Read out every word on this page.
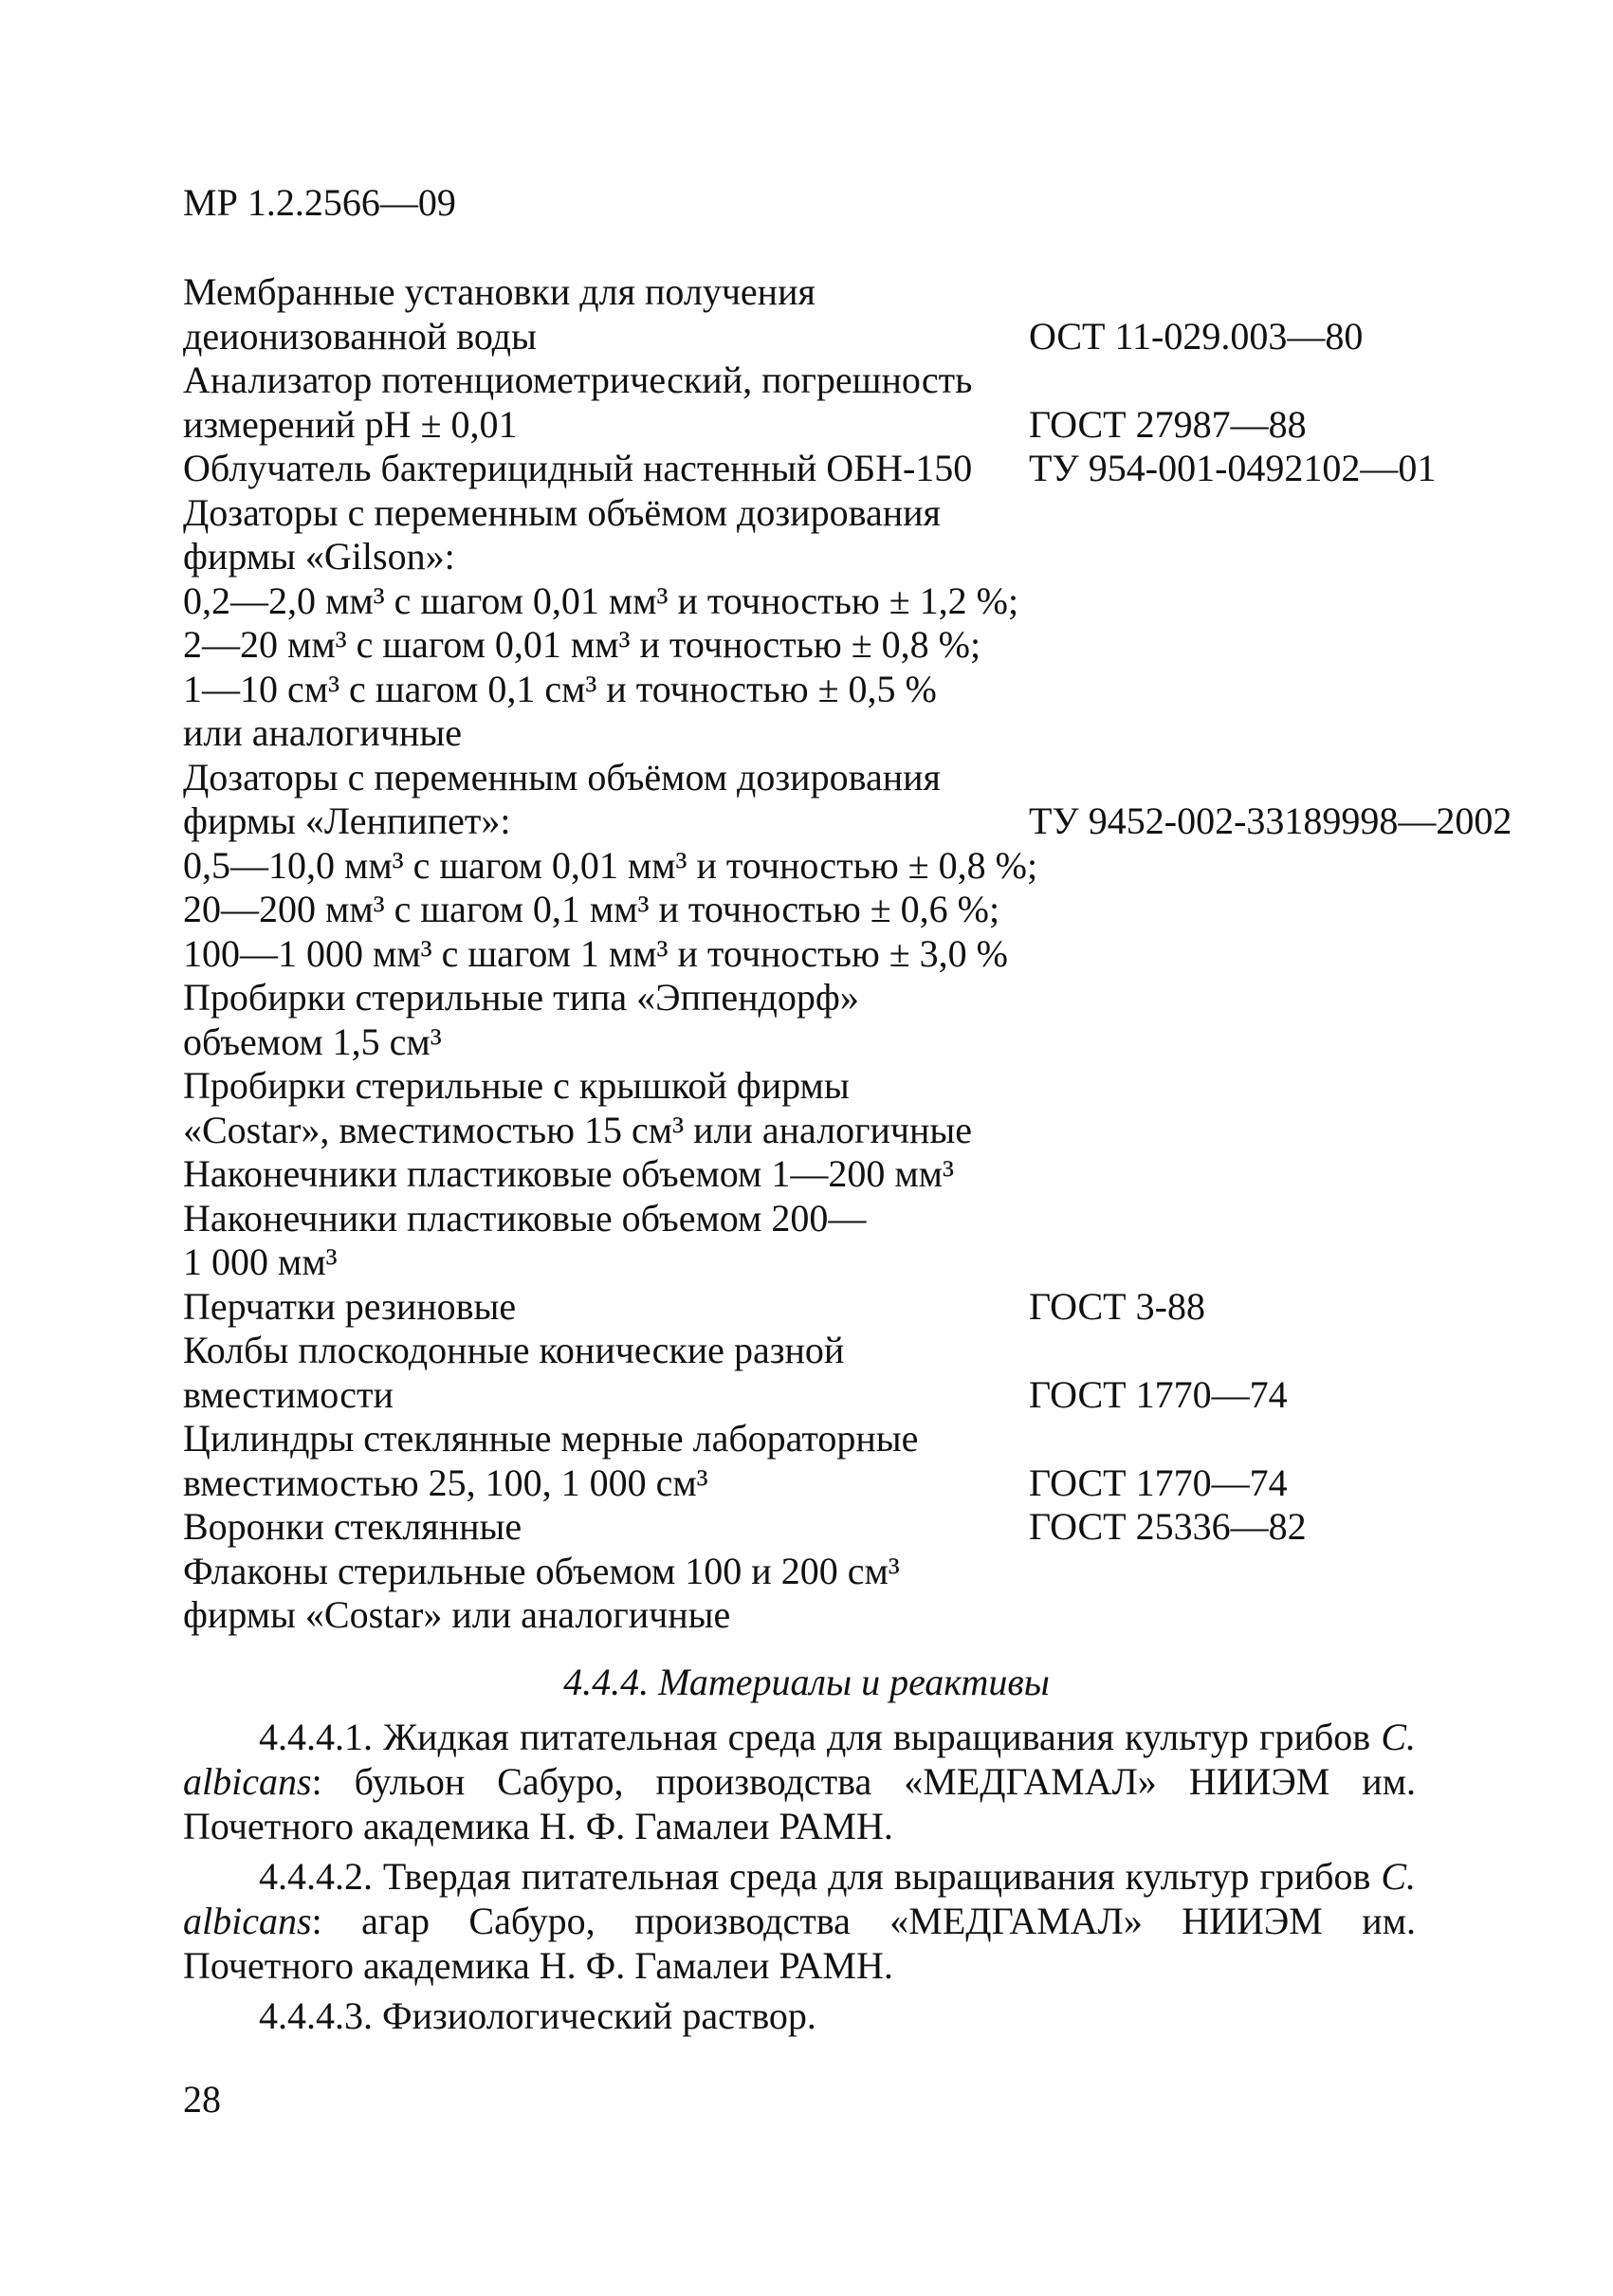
МР 1.2.2566—09
Мембранные установки для получения
деионизованной воды	ОСТ 11-029.003—80
Анализатор потенциометрический, погрешность
измерений рН ± 0,01	ГОСТ 27987—88
Облучатель бактерицидный настенный ОБН-150 ТУ 954-001-0492102—01
Дозаторы с переменным объёмом дозирования
фирмы «Gilson»:
0,2—2,0 мм³ с шагом 0,01 мм³ и точностью ± 1,2 %;
2—20 мм³ с шагом 0,01 мм³ и точностью ± 0,8 %;
1—10 см³ с шагом 0,1 см³ и точностью ± 0,5 %
или аналогичные
Дозаторы с переменным объёмом дозирования
фирмы «Ленпипет»:	ТУ 9452-002-33189998—2002
0,5—10,0 мм³ с шагом 0,01 мм³ и точностью ± 0,8 %;
20—200 мм³ с шагом 0,1 мм³ и точностью ± 0,6 %;
100—1 000 мм³ с шагом 1 мм³ и точностью ± 3,0 %
Пробирки стерильные типа «Эппендорф»
объемом 1,5 см³
Пробирки стерильные с крышкой фирмы
«Costar», вместимостью 15 см³ или аналогичные
Наконечники пластиковые объемом 1—200 мм³
Наконечники пластиковые объемом 200—
1 000 мм³
Перчатки резиновые	ГОСТ 3-88
Колбы плоскодонные конические разной
вместимости	ГОСТ 1770—74
Цилиндры стеклянные мерные лабораторные
вместимостью 25, 100, 1 000 см³	ГОСТ 1770—74
Воронки стеклянные	ГОСТ 25336—82
Флаконы стерильные объемом 100 и 200 см³
фирмы «Costar» или аналогичные
4.4.4. Материалы и реактивы
4.4.4.1. Жидкая питательная среда для выращивания культур грибов C. albicans: бульон Сабуро, производства «МЕДГАМАЛ» НИИЭМ им. Почетного академика Н. Ф. Гамалеи РАМН.
4.4.4.2. Твердая питательная среда для выращивания культур грибов C. albicans: агар Сабуро, производства «МЕДГАМАЛ» НИИЭМ им. Почетного академика Н. Ф. Гамалеи РАМН.
4.4.4.3. Физиологический раствор.
28
